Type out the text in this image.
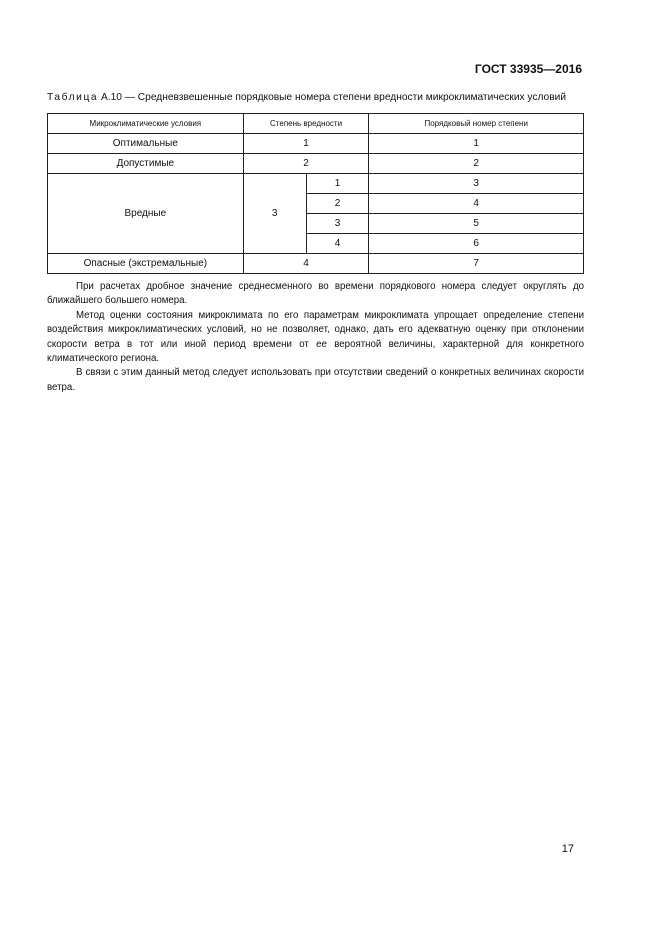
ГОСТ 33935—2016
Таблица А.10 — Средневзвешенные порядковые номера степени вредности микроклиматических условий
Микроклиматические условия	Степень вредности		Порядковый номер степени
Оптимальные	1		1
Допустимые	2		2
Вредные	3	1	3
		2	4
		3	5
		4	6
Опасные (экстремальные)	4		7

При расчетах дробное значение среднесменного во времени порядкового номера следует округлять до ближайшего большего номера.

Метод оценки состояния микроклимата по его параметрам микроклимата упрощает определение степени воздействия микроклиматических условий, но не позволяет, однако, дать его адекватную оценку при отклонении скорости ветра в тот или иной период времени от ее вероятной величины, характерной для конкретного климатического региона.

В связи с этим данный метод следует использовать при отсутствии сведений о конкретных величинах скорости ветра.

17
